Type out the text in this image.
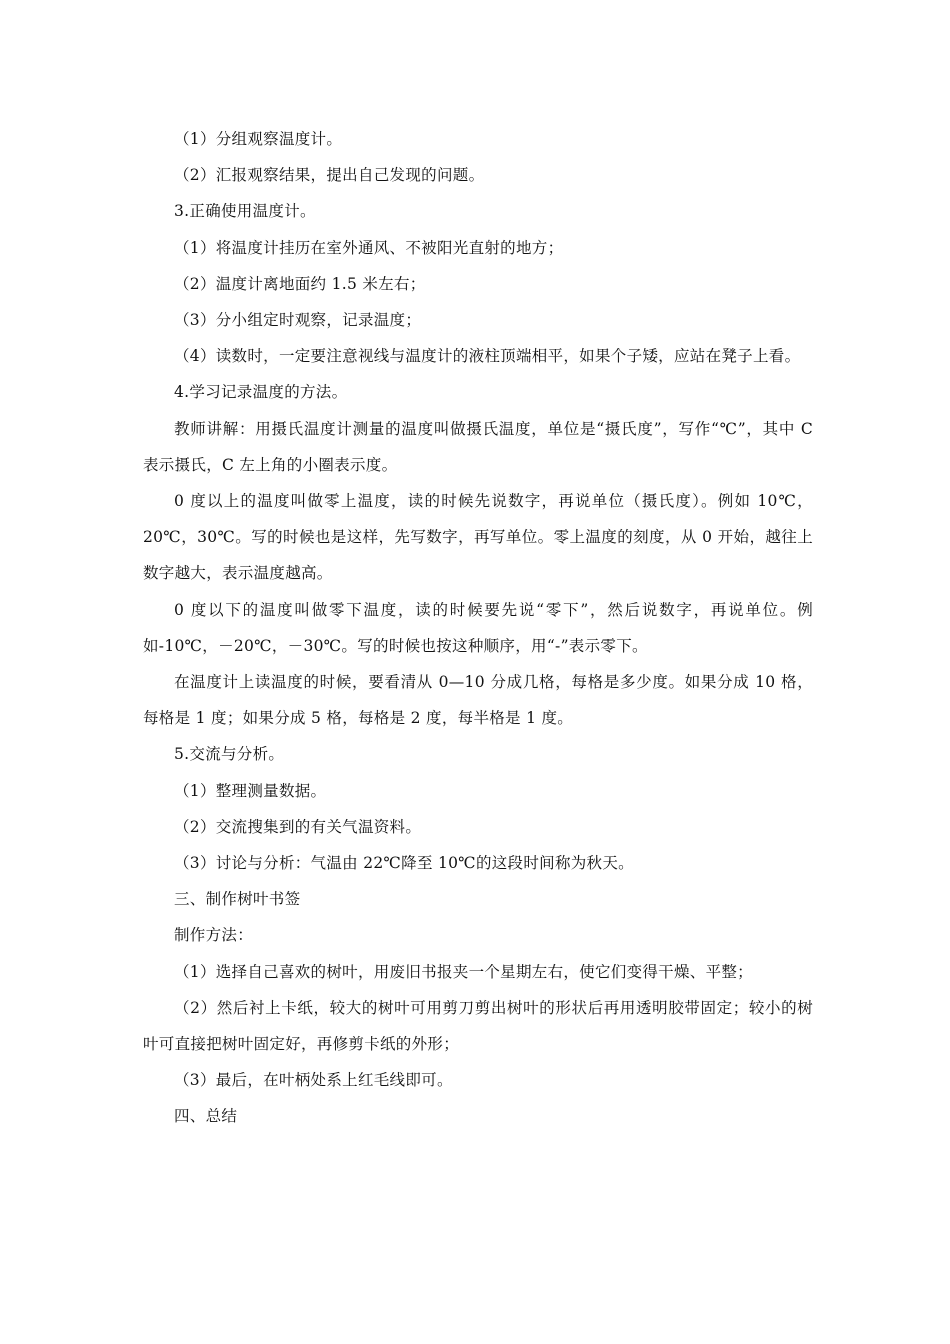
（1）分组观察温度计。

（2）汇报观察结果，提出自己发现的问题。

3.正确使用温度计。

（1）将温度计挂历在室外通风、不被阳光直射的地方；

（2）温度计离地面约 1.5 米左右；

（3）分小组定时观察，记录温度；

（4）读数时，一定要注意视线与温度计的液柱顶端相平，如果个子矮，应站在凳子上看。

4.学习记录温度的方法。

教师讲解：用摄氏温度计测量的温度叫做摄氏温度，单位是“摄氏度”，写作“℃”，其中 C 表示摄氏，C 左上角的小圈表示度。

0 度以上的温度叫做零上温度，读的时候先说数字，再说单位（摄氏度）。例如 10℃，20℃，30℃。写的时候也是这样，先写数字，再写单位。零上温度的刻度，从 0 开始，越往上数字越大，表示温度越高。

0 度以下的温度叫做零下温度，读的时候要先说“零下”，然后说数字，再说单位。例如-10℃，－20℃，－30℃。写的时候也按这种顺序，用“-”表示零下。

在温度计上读温度的时候，要看清从 0—10 分成几格，每格是多少度。如果分成 10 格，每格是 1 度；如果分成 5 格，每格是 2 度，每半格是 1 度。

5.交流与分析。

（1）整理测量数据。

（2）交流搜集到的有关气温资料。

（3）讨论与分析：气温由 22℃降至 10℃的这段时间称为秋天。

三、制作树叶书签

制作方法：

（1）选择自己喜欢的树叶，用废旧书报夹一个星期左右，使它们变得干燥、平整；

（2）然后衬上卡纸，较大的树叶可用剪刀剪出树叶的形状后再用透明胶带固定；较小的树叶可直接把树叶固定好，再修剪卡纸的外形；

（3）最后，在叶柄处系上红毛线即可。

四、总结
